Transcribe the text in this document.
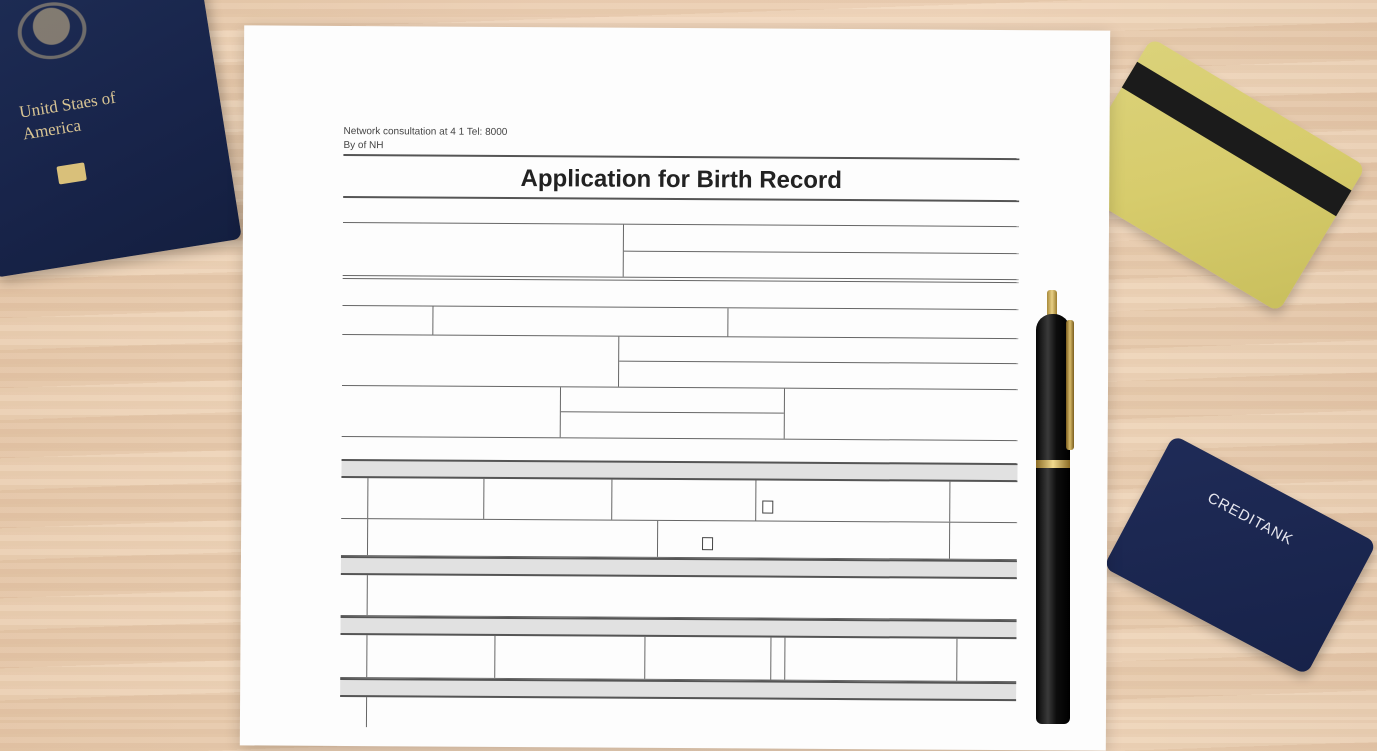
Unitd Staes of America
CREDITANK
Network consultation at 4 1 Tel: 8000
By of NH
Application for Birth Record
